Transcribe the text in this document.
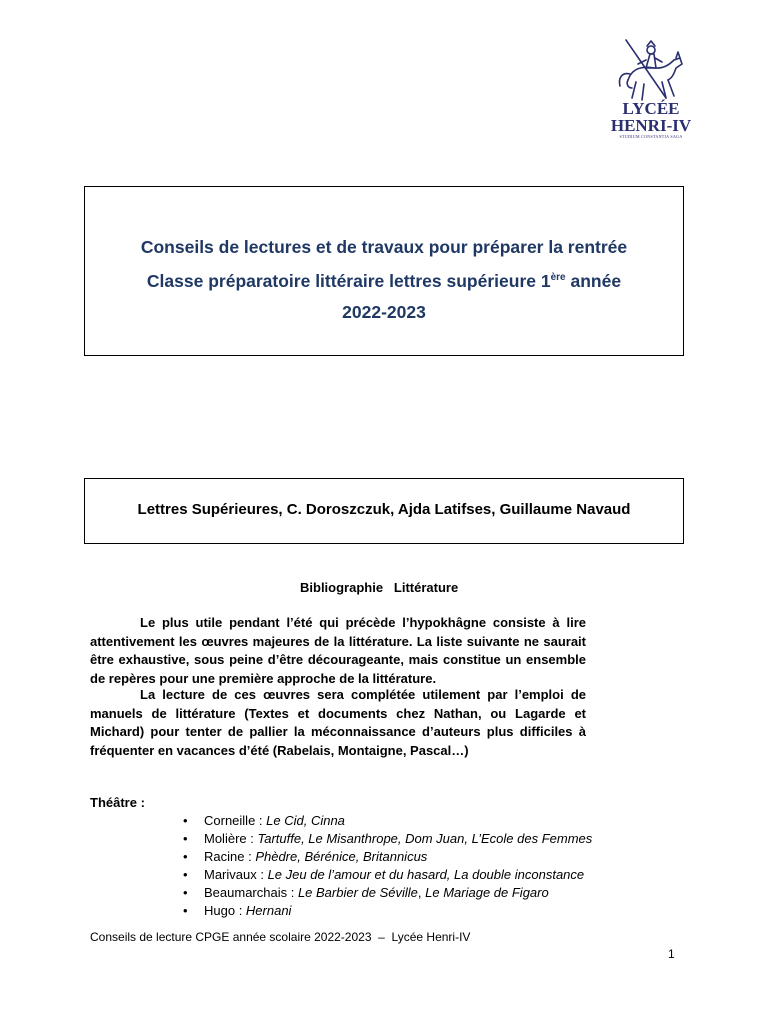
LYCÉE
HENRI-IV
STUDIUM CONSTANTIA SAGA
Conseils de lectures et de travaux pour préparer la rentrée
Classe préparatoire littéraire lettres supérieure 1ère année
2022-2023
Lettres Supérieures, C. Doroszczuk, Ajda Latifses, Guillaume Navaud
Bibliographie   Littérature
Le plus utile pendant l’été qui précède l’hypokhâgne consiste à lire attentivement les œuvres majeures de la littérature. La liste suivante ne saurait être exhaustive, sous peine d’être décourageante, mais constitue un ensemble de repères pour une première approche de la littérature.
La lecture de ces œuvres sera complétée utilement par l’emploi de manuels de littérature (Textes et documents chez Nathan, ou Lagarde et Michard) pour tenter de pallier la méconnaissance d’auteurs plus difficiles à fréquenter en vacances d’été (Rabelais, Montaigne, Pascal…)
Théâtre :
• Corneille : Le Cid, Cinna
• Molière : Tartuffe, Le Misanthrope, Dom Juan, L’Ecole des Femmes
• Racine : Phèdre, Bérénice, Britannicus
• Marivaux : Le Jeu de l’amour et du hasard, La double inconstance
• Beaumarchais : Le Barbier de Séville, Le Mariage de Figaro
• Hugo : Hernani
Conseils de lecture CPGE année scolaire 2022-2023  –  Lycée Henri-IV
1
